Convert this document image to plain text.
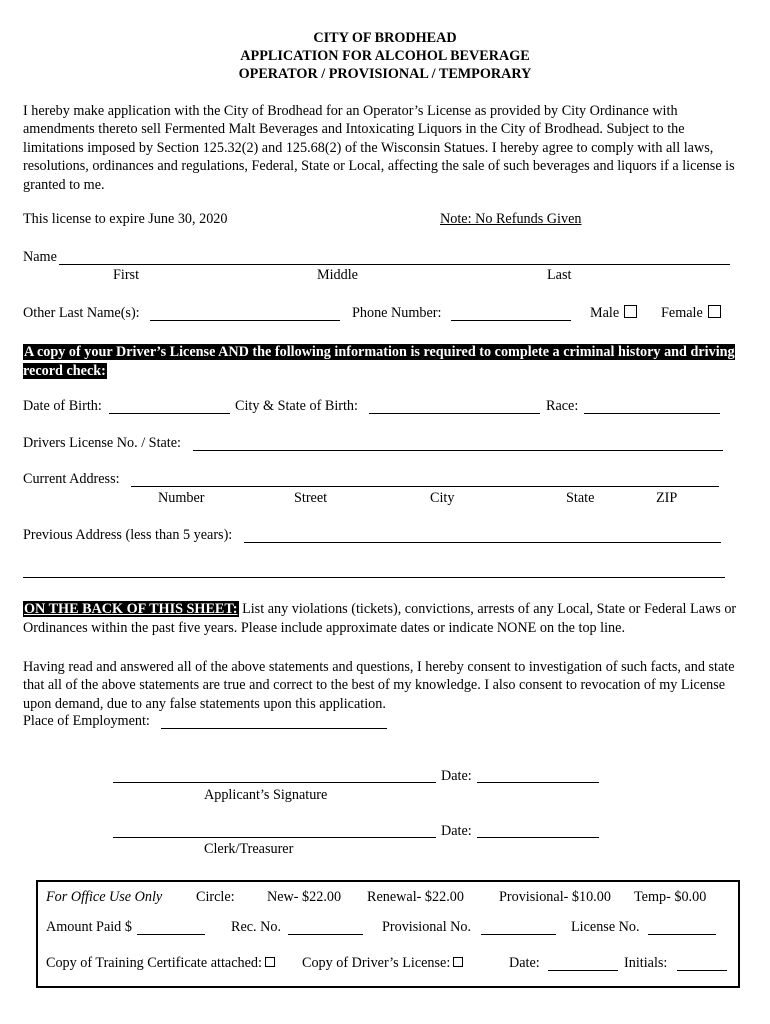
CITY OF BRODHEAD
APPLICATION FOR ALCOHOL BEVERAGE
OPERATOR / PROVISIONAL / TEMPORARY
I hereby make application with the City of Brodhead for an Operator’s License as provided by City Ordinance with amendments thereto sell Fermented Malt Beverages and Intoxicating Liquors in the City of Brodhead. Subject to the limitations imposed by Section 125.32(2) and 125.68(2) of the Wisconsin Statues. I hereby agree to comply with all laws, resolutions, ordinances and regulations, Federal, State or Local, affecting the sale of such beverages and liquors if a license is granted to me.
This license to expire June 30, 2020	Note: No Refunds Given
Name
First	Middle	Last
Other Last Name(s):	Phone Number:	Male	Female
A copy of your Driver’s License AND the following information is required to complete a criminal history and driving record check:
Date of Birth:	City & State of Birth:	Race:
Drivers License No. / State:
Current Address:
Number	Street	City	State	ZIP
Previous Address (less than 5 years):
ON THE BACK OF THIS SHEET: List any violations (tickets), convictions, arrests of any Local, State or Federal Laws or Ordinances within the past five years. Please include approximate dates or indicate NONE on the top line.
Having read and answered all of the above statements and questions, I hereby consent to investigation of such facts, and state that all of the above statements are true and correct to the best of my knowledge. I also consent to revocation of my License upon demand, due to any false statements upon this application.
Place of Employment:
Date:
Applicant’s Signature
Date:
Clerk/Treasurer
For Office Use Only Circle: New- $22.00 Renewal- $22.00 Provisional- $10.00 Temp- $0.00
Amount Paid $	Rec. No.	Provisional No.	License No.
Copy of Training Certificate attached:	Copy of Driver’s License:	Date:	Initials:
